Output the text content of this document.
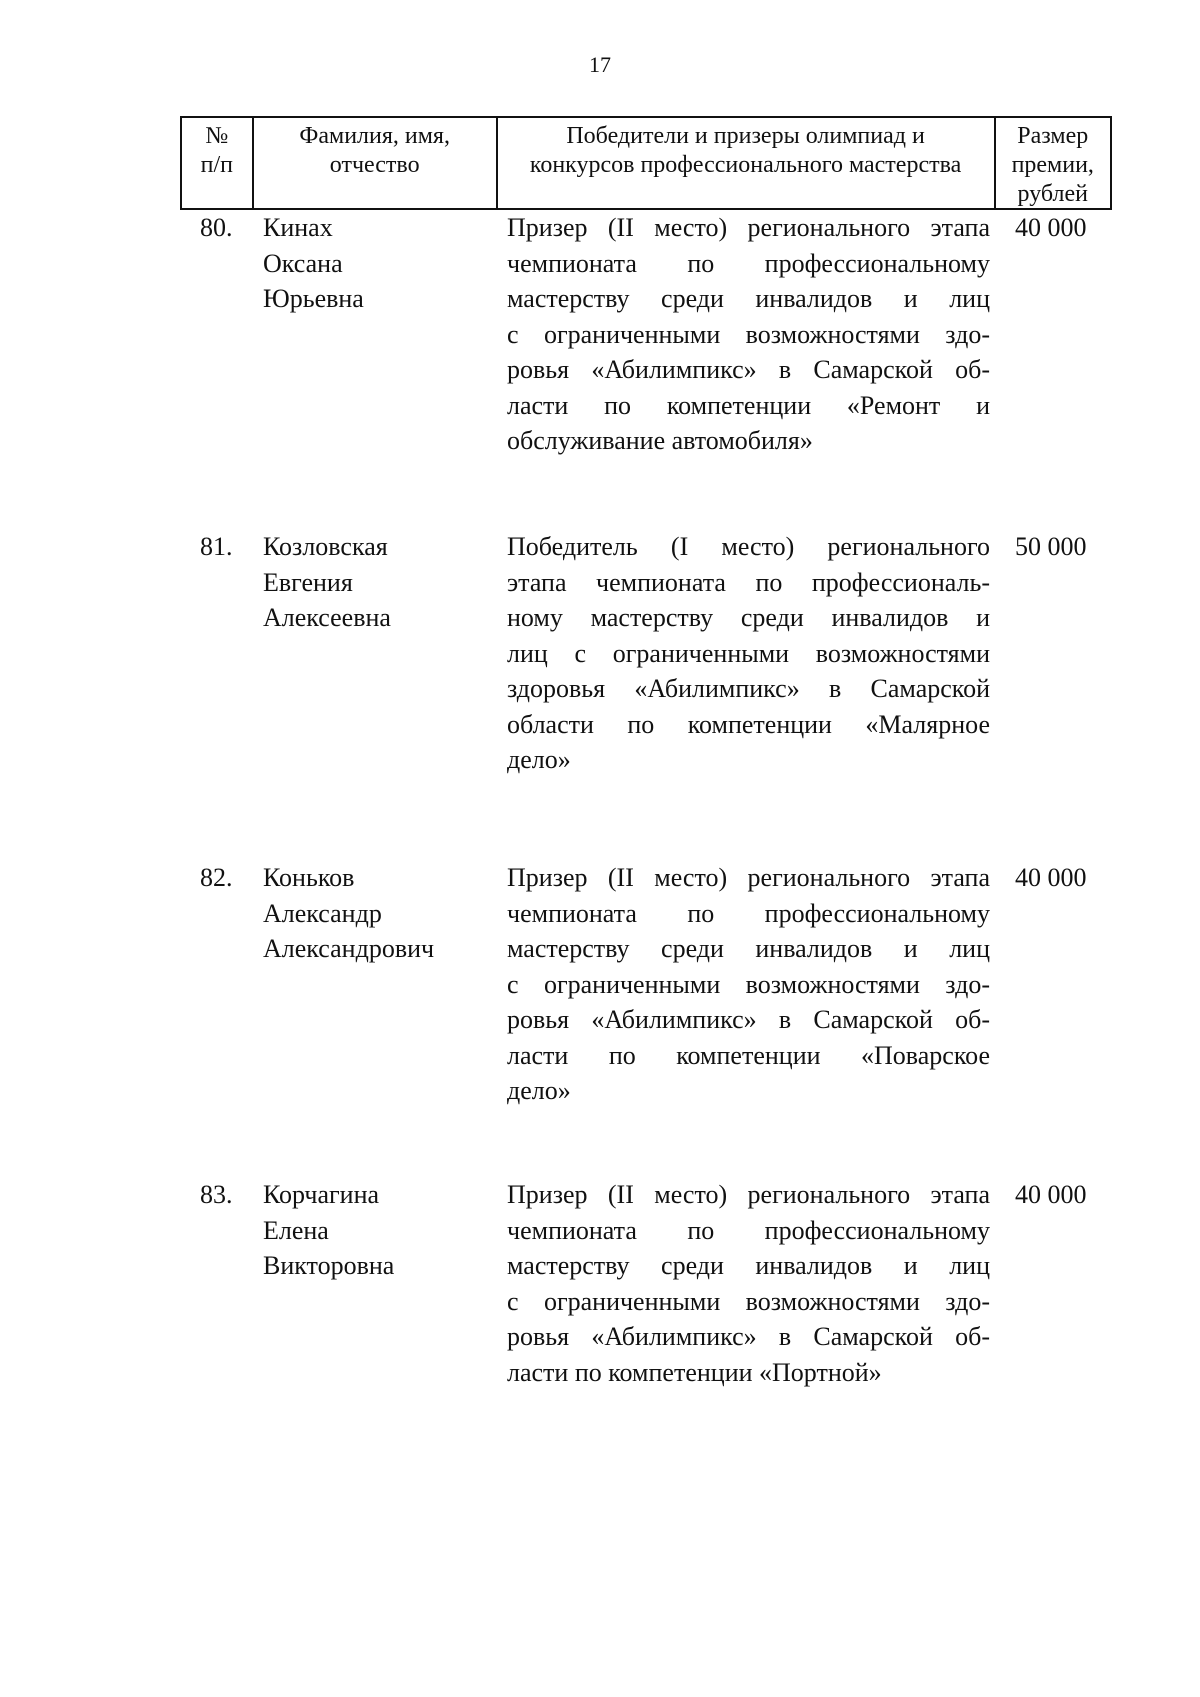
17
№
п/п
Фамилия, имя,
отчество
Победители и призеры олимпиад и
конкурсов профессионального мастерства
Размер
премии,
рублей
80. Кинах
Оксана
Юрьевна
Призер (II место) регионального этапа
чемпионата по профессиональному
мастерству среди инвалидов и лиц
с ограниченными возможностями здо-
ровья «Абилимпикс» в Самарской об-
ласти по компетенции «Ремонт и
обслуживание автомобиля»
40 000
81. Козловская
Евгения
Алексеевна
Победитель (I место) регионального
этапа чемпионата по профессиональ-
ному мастерству среди инвалидов и
лиц с ограниченными возможностями
здоровья «Абилимпикс» в Самарской
области по компетенции «Малярное
дело»
50 000
82. Коньков
Александр
Александрович
Призер (II место) регионального этапа
чемпионата по профессиональному
мастерству среди инвалидов и лиц
с ограниченными возможностями здо-
ровья «Абилимпикс» в Самарской об-
ласти по компетенции «Поварское
дело»
40 000
83. Корчагина
Елена
Викторовна
Призер (II место) регионального этапа
чемпионата по профессиональному
мастерству среди инвалидов и лиц
с ограниченными возможностями здо-
ровья «Абилимпикс» в Самарской об-
ласти по компетенции «Портной»
40 000
